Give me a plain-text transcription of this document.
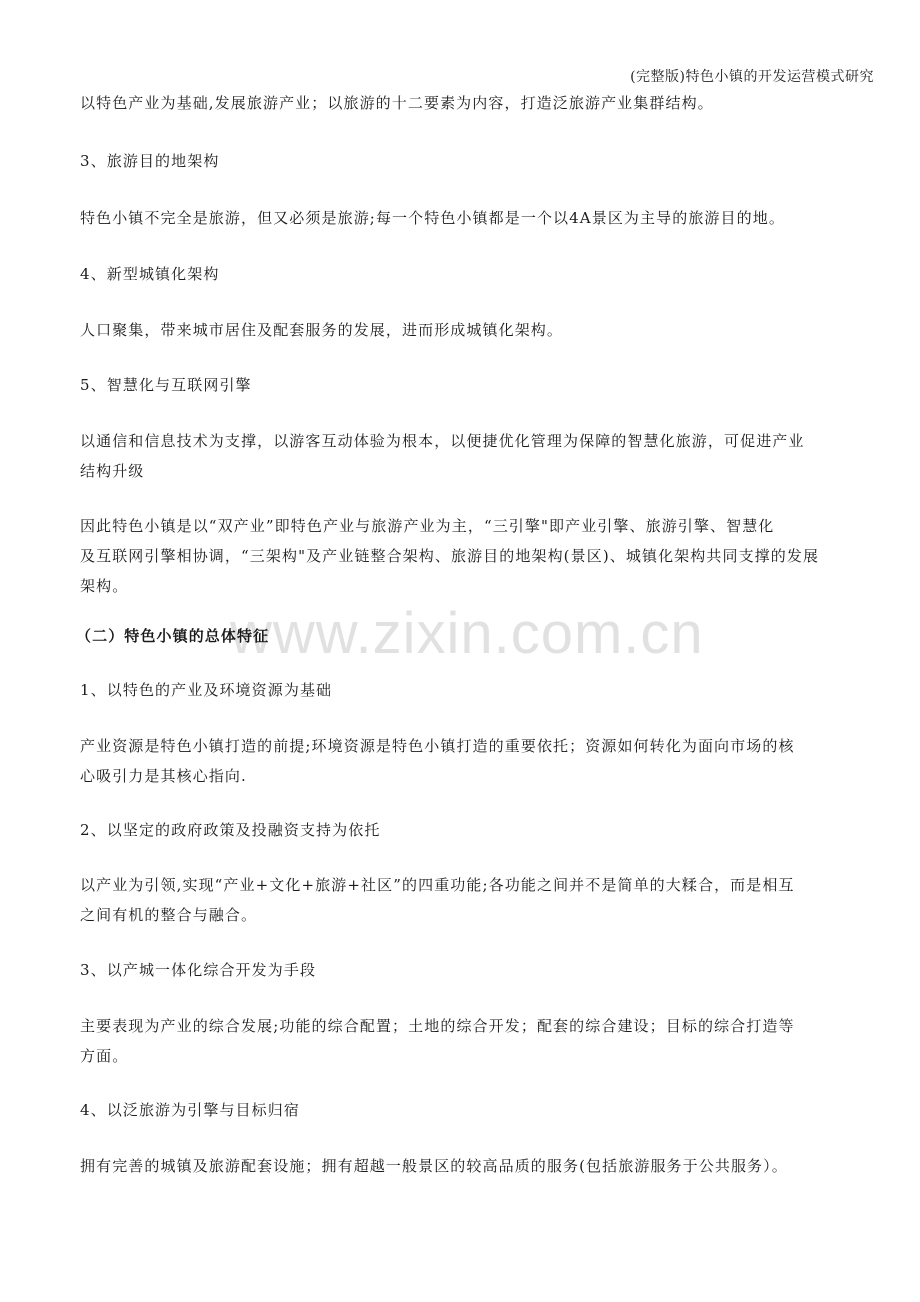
(完整版)特色小镇的开发运营模式研究
www.zixin.com.cn
以特色产业为基础,发展旅游产业；以旅游的十二要素为内容，打造泛旅游产业集群结构。
3、旅游目的地架构
特色小镇不完全是旅游，但又必须是旅游;每一个特色小镇都是一个以4A景区为主导的旅游目的地。
4、新型城镇化架构
人口聚集，带来城市居住及配套服务的发展，进而形成城镇化架构。
5、智慧化与互联网引擎
以通信和信息技术为支撑，以游客互动体验为根本，以便捷优化管理为保障的智慧化旅游，可促进产业
结构升级
因此特色小镇是以“双产业”即特色产业与旅游产业为主，“三引擎"即产业引擎、旅游引擎、智慧化
及互联网引擎相协调，“三架构"及产业链整合架构、旅游目的地架构(景区)、城镇化架构共同支撑的发展
架构。
（二）特色小镇的总体特征
1、以特色的产业及环境资源为基础
产业资源是特色小镇打造的前提;环境资源是特色小镇打造的重要依托；资源如何转化为面向市场的核
心吸引力是其核心指向.
2、以坚定的政府政策及投融资支持为依托
以产业为引领,实现“产业+文化+旅游+社区”的四重功能;各功能之间并不是简单的大糅合，而是相互
之间有机的整合与融合。
3、以产城一体化综合开发为手段
主要表现为产业的综合发展;功能的综合配置；土地的综合开发；配套的综合建设；目标的综合打造等
方面。
4、以泛旅游为引擎与目标归宿
拥有完善的城镇及旅游配套设施；拥有超越一般景区的较高品质的服务(包括旅游服务于公共服务）。
